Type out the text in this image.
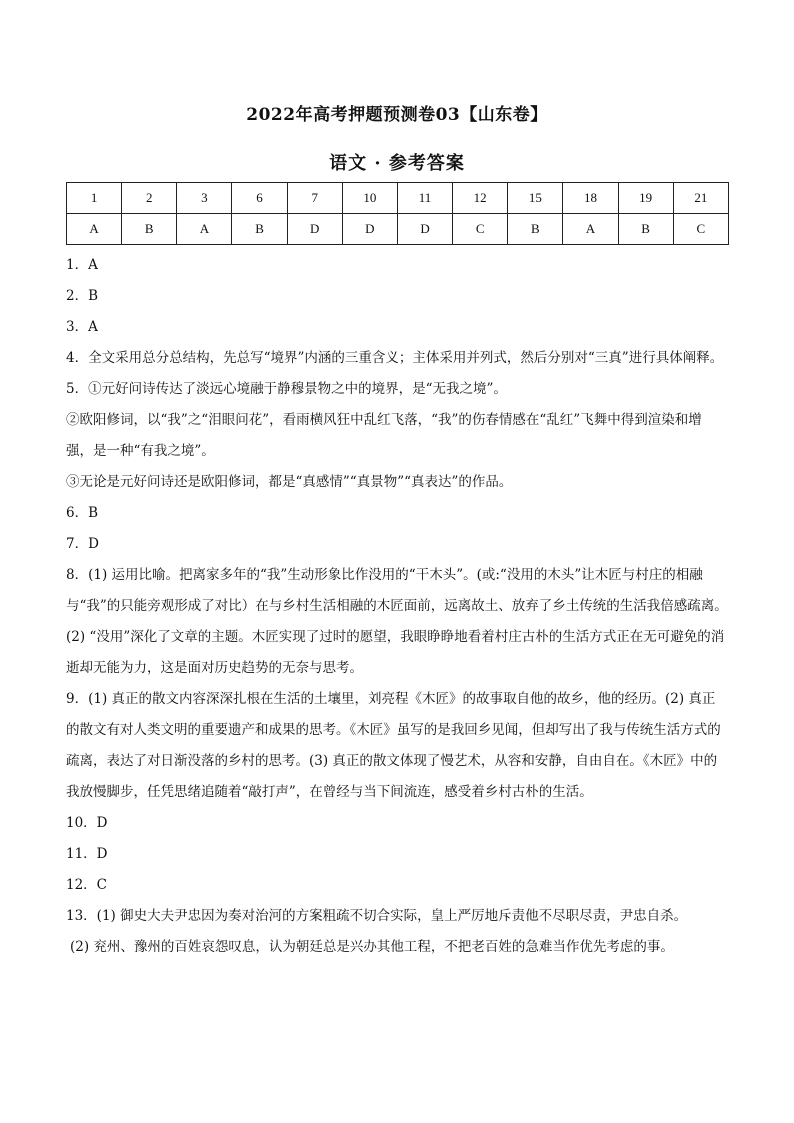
2022年高考押题预测卷03【山东卷】
语文 · 参考答案
1	2	3	6	7	10	11	12	15	18	19	21
A	B	A	B	D	D	D	C	B	A	B	C

1．A

2．B

3．A

4．全文采用总分总结构，先总写“境界”内涵的三重含义；主体采用并列式，然后分别对“三真”进行具体阐释。

5．①元好问诗传达了淡远心境融于静穆景物之中的境界，是“无我之境”。

②欧阳修词，以“我”之“泪眼问花”，看雨横风狂中乱红飞落，“我”的伤春情感在“乱红”飞舞中得到渲染和增强，是一种“有我之境”。

③无论是元好问诗还是欧阳修词，都是“真感情”“真景物”“真表达”的作品。

6．B

7．D

8．(1) 运用比喻。把离家多年的“我”生动形象比作没用的“干木头”。(或:“没用的木头”让木匠与村庄的相融与“我”的只能旁观形成了对比）在与乡村生活相融的木匠面前，远离故土、放弃了乡土传统的生活我倍感疏离。(2) “没用”深化了文章的主题。木匠实现了过时的愿望，我眼睁睁地看着村庄古朴的生活方式正在无可避免的消逝却无能为力，这是面对历史趋势的无奈与思考。

9．(1) 真正的散文内容深深扎根在生活的土壤里，刘亮程《木匠》的故事取自他的故乡，他的经历。(2) 真正的散文有对人类文明的重要遗产和成果的思考。《木匠》虽写的是我回乡见闻，但却写出了我与传统生活方式的疏离，表达了对日渐没落的乡村的思考。(3) 真正的散文体现了慢艺术，从容和安静，自由自在。《木匠》中的我放慢脚步，任凭思绪追随着“敲打声”，在曾经与当下间流连，感受着乡村古朴的生活。

10．D

11．D

12．C

13．(1) 御史大夫尹忠因为奏对治河的方案粗疏不切合实际，皇上严厉地斥责他不尽职尽责，尹忠自杀。

(2) 兖州、豫州的百姓哀怨叹息，认为朝廷总是兴办其他工程，不把老百姓的急难当作优先考虑的事。
